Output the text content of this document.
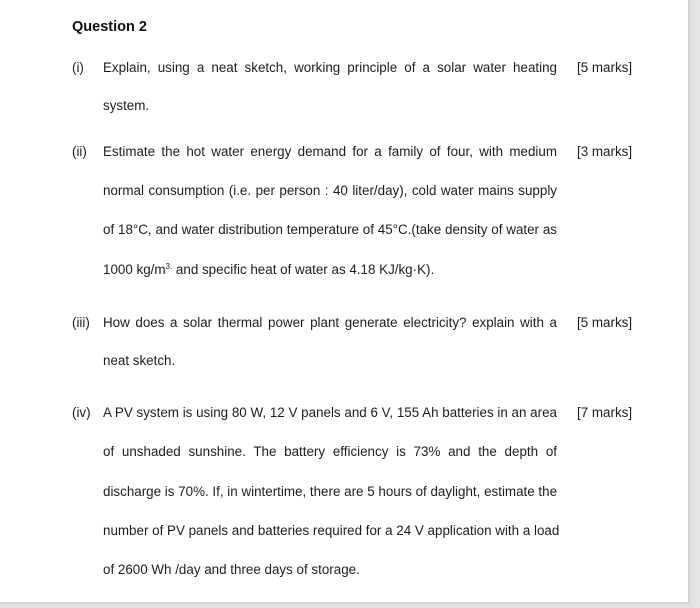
Question 2
(i) Explain, using a neat sketch, working principle of a solar water heating [5 marks]
system.
(ii) Estimate the hot water energy demand for a family of four, with medium [3 marks]
normal consumption (i.e. per person : 40 liter/day), cold water mains supply
of 18°C, and water distribution temperature of 45°C.(take density of water as
1000 $kg/m^{3.}$ and specific heat of water as 4.18 KJ/kg·K).
(iii) How does a solar thermal power plant generate electricity? explain with a [5 marks]
neat sketch.
(iv) A PV system is using 80 W, 12 V panels and 6 V, 155 Ah batteries in an area [7 marks]
of unshaded sunshine. The battery efficiency is 73% and the depth of
discharge is 70%. If, in wintertime, there are 5 hours of daylight, estimate the
number of PV panels and batteries required for a 24 V application with a load
of 2600 Wh /day and three days of storage.
